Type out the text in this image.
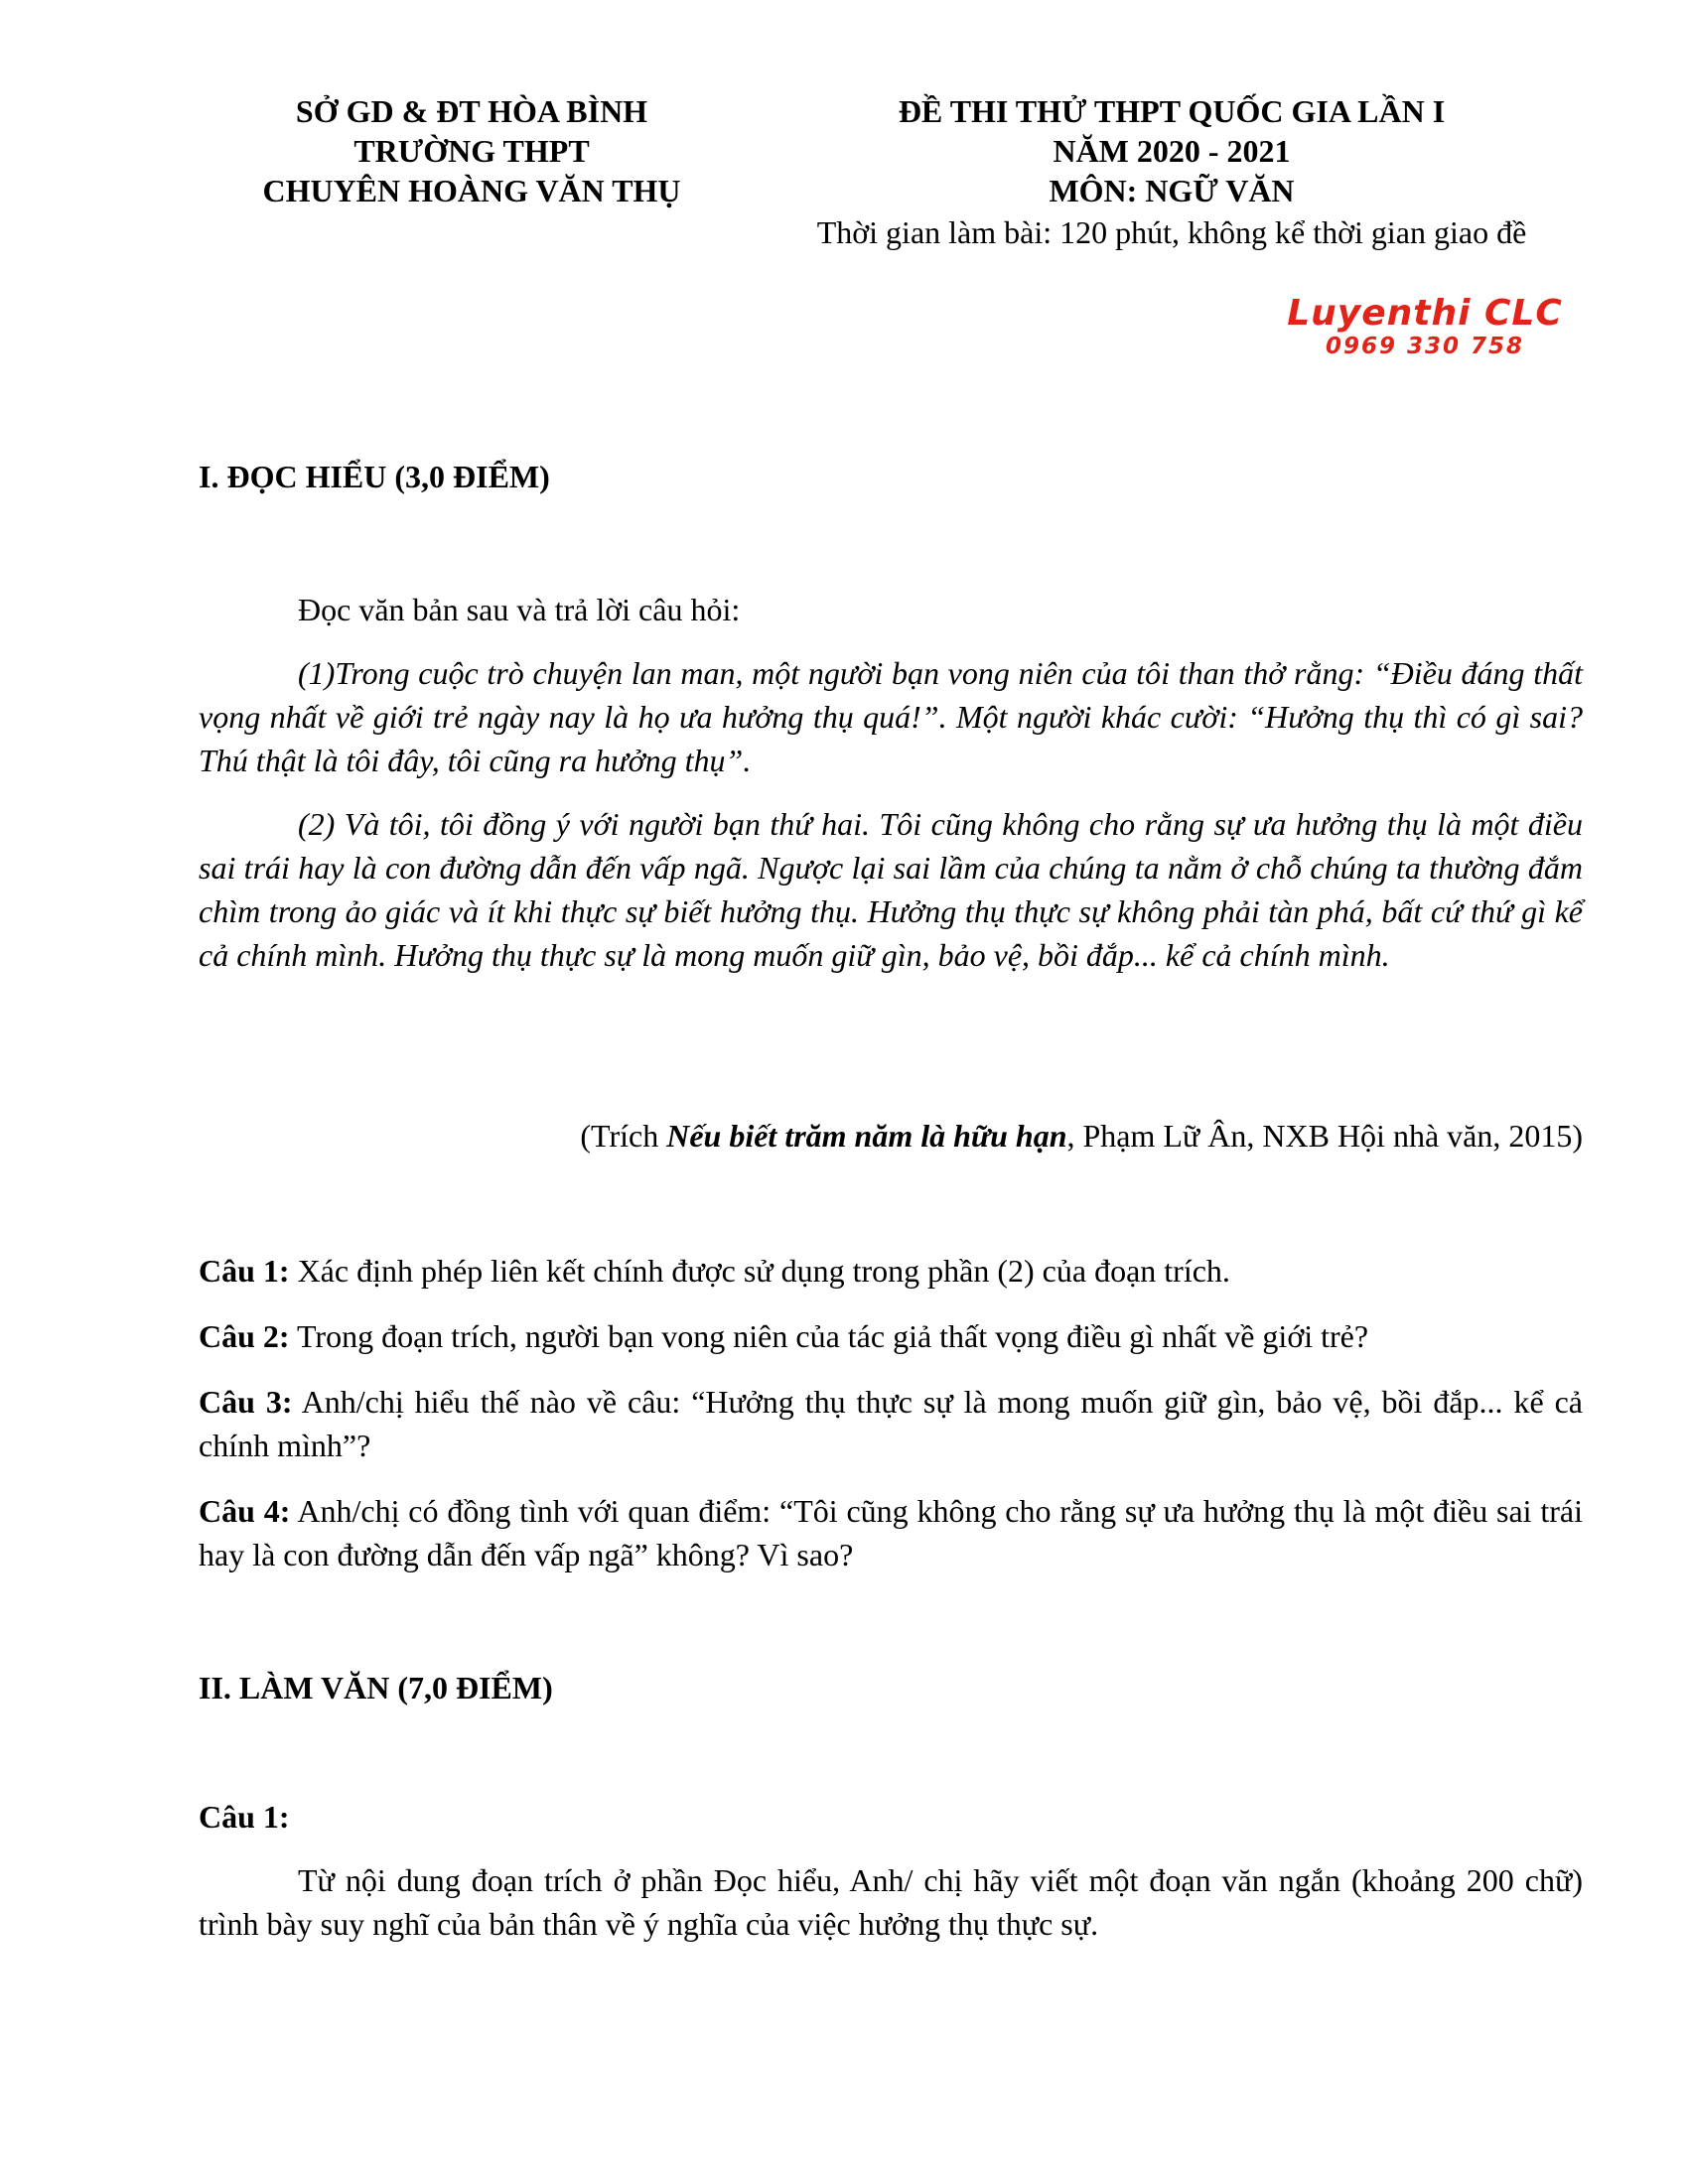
SỞ GD & ĐT HÒA BÌNH
TRƯỜNG THPT
CHUYÊN HOÀNG VĂN THỤ
ĐỀ THI THỬ THPT QUỐC GIA LẦN I
NĂM 2020 - 2021
MÔN: NGỮ VĂN
Thời gian làm bài: 120 phút, không kể thời gian giao đề
Luyenthi CLC
0969 330 758

I. ĐỌC HIỂU (3,0 ĐIỂM)

Đọc văn bản sau và trả lời câu hỏi:

(1)Trong cuộc trò chuyện lan man, một người bạn vong niên của tôi than thở rằng: “Điều đáng thất vọng nhất về giới trẻ ngày nay là họ ưa hưởng thụ quá!”. Một người khác cười: “Hưởng thụ thì có gì sai? Thú thật là tôi đây, tôi cũng ra hưởng thụ”.

(2) Và tôi, tôi đồng ý với người bạn thứ hai. Tôi cũng không cho rằng sự ưa hưởng thụ là một điều sai trái hay là con đường dẫn đến vấp ngã. Ngược lại sai lầm của chúng ta nằm ở chỗ chúng ta thường đắm chìm trong ảo giác và ít khi thực sự biết hưởng thụ. Hưởng thụ thực sự không phải tàn phá, bất cứ thứ gì kể cả chính mình. Hưởng thụ thực sự là mong muốn giữ gìn, bảo vệ, bồi đắp... kể cả chính mình.

(Trích Nếu biết trăm năm là hữu hạn, Phạm Lữ Ân, NXB Hội nhà văn, 2015)

Câu 1: Xác định phép liên kết chính được sử dụng trong phần (2) của đoạn trích.

Câu 2: Trong đoạn trích, người bạn vong niên của tác giả thất vọng điều gì nhất về giới trẻ?

Câu 3: Anh/chị hiểu thế nào về câu: “Hưởng thụ thực sự là mong muốn giữ gìn, bảo vệ, bồi đắp... kể cả chính mình”?

Câu 4: Anh/chị có đồng tình với quan điểm: “Tôi cũng không cho rằng sự ưa hưởng thụ là một điều sai trái hay là con đường dẫn đến vấp ngã” không? Vì sao?

II. LÀM VĂN (7,0 ĐIỂM)

Câu 1:

Từ nội dung đoạn trích ở phần Đọc hiểu, Anh/ chị hãy viết một đoạn văn ngắn (khoảng 200 chữ) trình bày suy nghĩ của bản thân về ý nghĩa của việc hưởng thụ thực sự.
